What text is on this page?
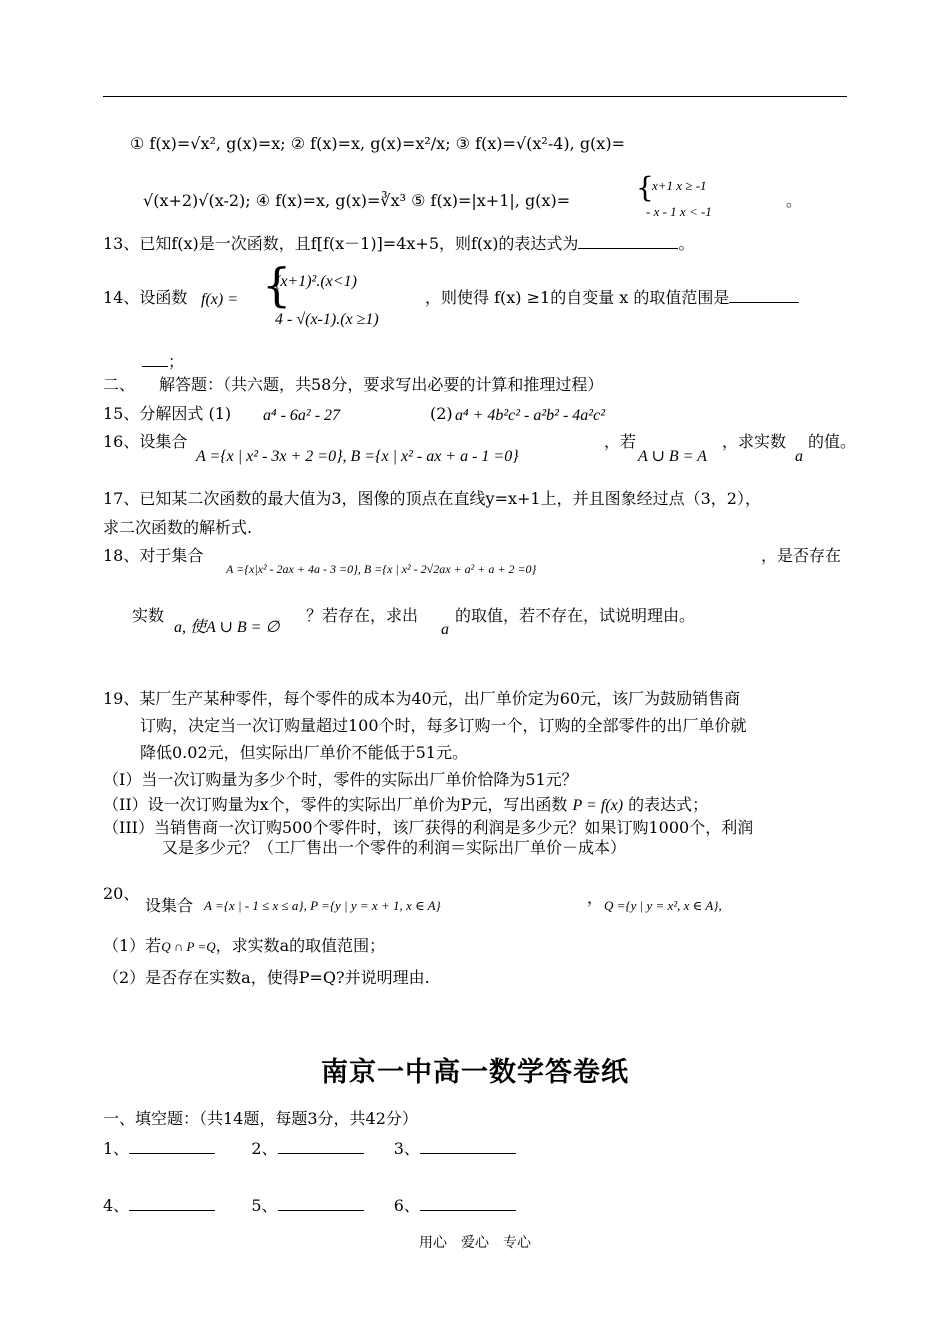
① f(x)=√x², g(x)=x; ② f(x)=x, g(x)=x²/x; ③ f(x)=√(x²-4), g(x)=
√(x+2)√(x-2); ④ f(x)=x, g(x)=∛x³ ⑤ f(x)=|x+1|, g(x)= {
x+1 x ≥ -1
- x - 1 x < -1
。
13、已知f(x)是一次函数，且f[f(x－1)]=4x+5，则f(x)的表达式为	。
14、设函数 f(x) = {
(x+1)².(x<1)
4 - √(x-1).(x ≥1)
，则使得 f(x) ≥1的自变量 x 的取值范围是
；
二、　　解答题：（共六题，共58分，要求写出必要的计算和推理过程）
15、分解因式 (1) a⁴ - 6a² - 27	(2) a⁴ + 4b²c² - a²b² - 4a²c²
16、设集合
A ={x | x² - 3x + 2 =0}, B ={x | x² - ax + a - 1 =0}
，若
A ∪ B = A
，求实数
a
的值。
17、已知某二次函数的最大值为3，图像的顶点在直线y=x+1上，并且图象经过点（3，2），
求二次函数的解析式.
18、对于集合
A ={x|x² - 2ax + 4a - 3 =0}, B ={x | x² - 2√2ax + a² + a + 2 =0}
，是否存在
实数
a, 使A ∪ B = ∅
？若存在，求出
a
的取值，若不存在，试说明理由。
19、某厂生产某种零件，每个零件的成本为40元，出厂单价定为60元，该厂为鼓励销售商
订购，决定当一次订购量超过100个时，每多订购一个，订购的全部零件的出厂单价就
降低0.02元，但实际出厂单价不能低于51元。
（I）当一次订购量为多少个时，零件的实际出厂单价恰降为51元？
（II）设一次订购量为x个，零件的实际出厂单价为P元，写出函数 P = f(x) 的表达式；
（III）当销售商一次订购500个零件时，该厂获得的利润是多少元？如果订购1000个，利润
又是多少元？（工厂售出一个零件的利润＝实际出厂单价－成本）
20、
设集合 A ={x | - 1 ≤ x ≤ a}, P ={y | y = x + 1, x ∈ A}	， Q ={y | y = x², x ∈ A},
（1）若Q ∩ P =Q，求实数a的取值范围；
（2）是否存在实数a，使得P=Q?并说明理由.
南京一中高一数学答卷纸
一、填空题：（共14题，每题3分，共42分）
1、	2、	3、
4、	5、	6、
用心　爱心　专心
